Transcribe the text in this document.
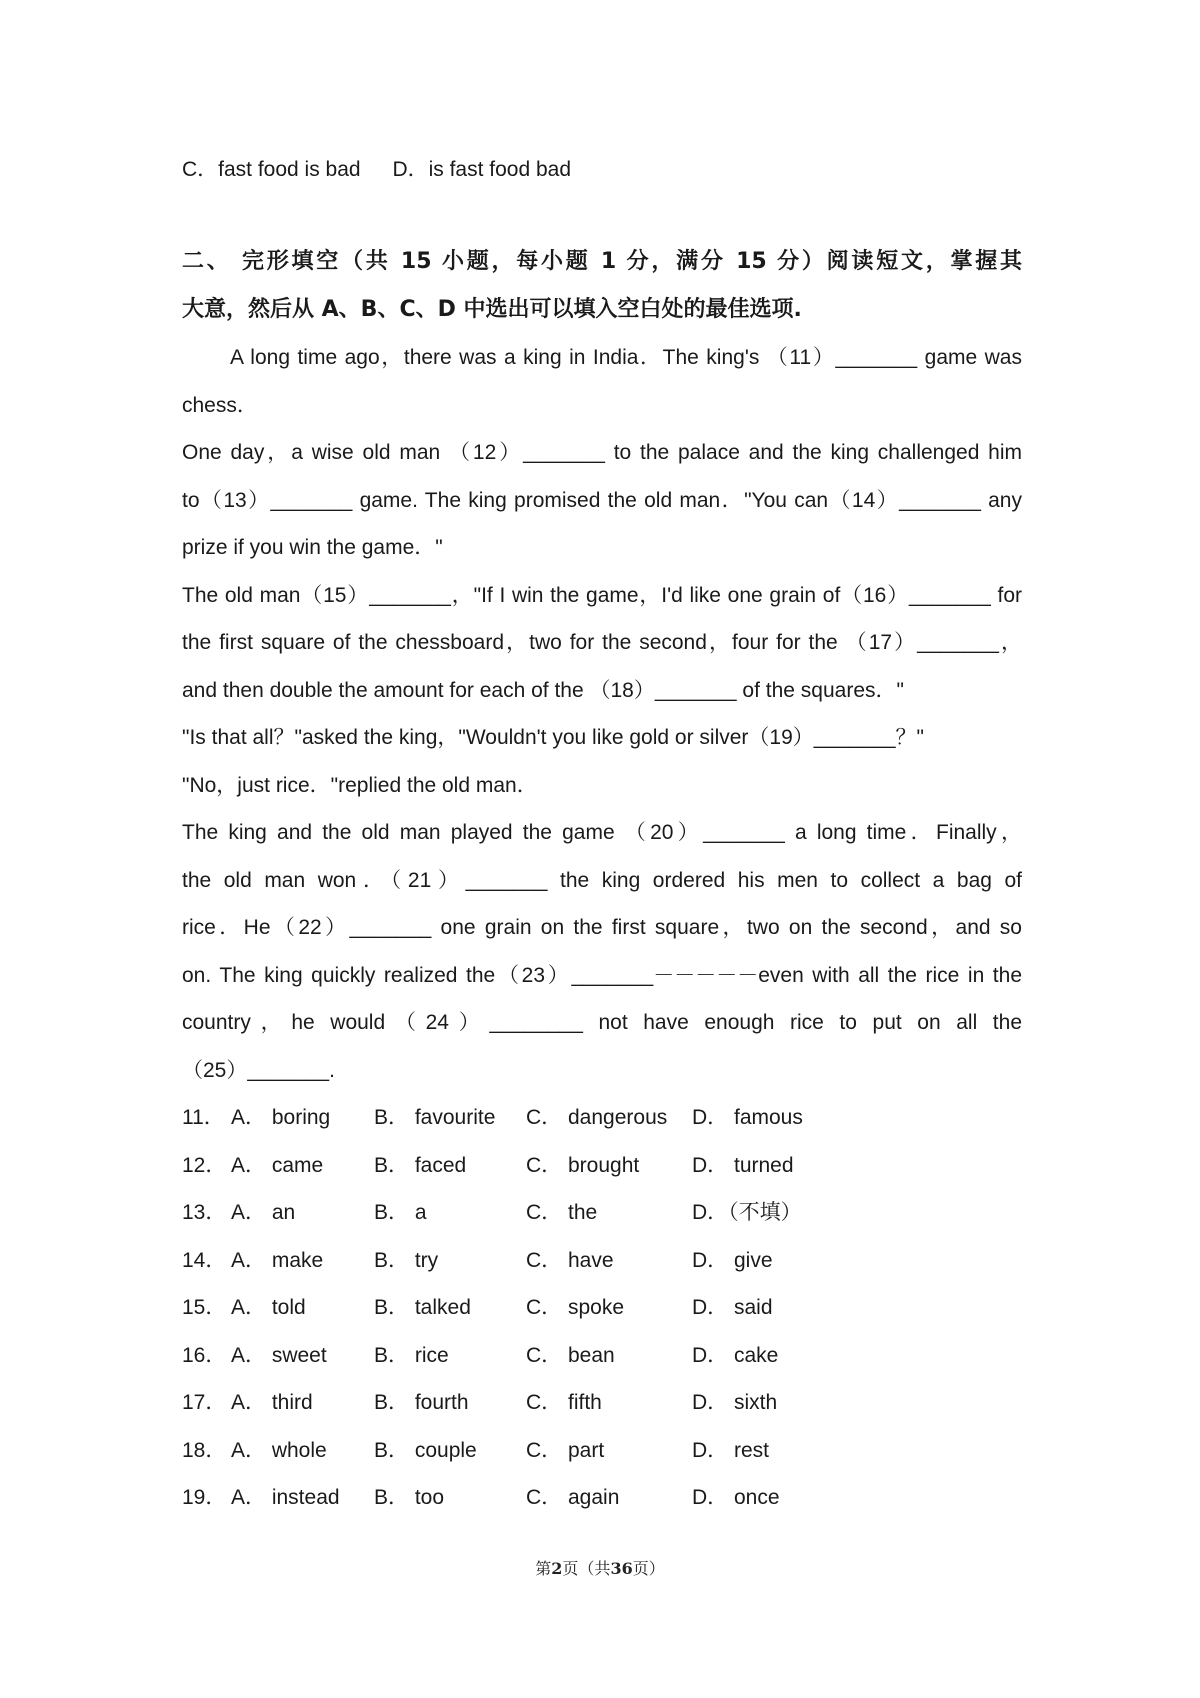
C．fast food is bad D．is fast food bad
二、 完形填空（共 15 小题，每小题 1 分，满分 15 分）阅读短文，掌握其
大意，然后从 A、B、C、D 中选出可以填入空白处的最佳选项.
A long time ago，there was a king in India．The king's （11）_______ game was
chess．
One day，a wise old man （12）_______ to the palace and the king challenged him
to（13）_______ game. The king promised the old man．"You can（14）_______ any
prize if you win the game．"
The old man（15）_______，"If I win the game，I'd like one grain of（16）_______ for
the first square of the chessboard，two for the second，four for the （17）_______，
and then double the amount for each of the （18）_______ of the squares．"
"Is that all？"asked the king，"Wouldn't you like gold or silver（19）_______？"
"No，just rice．"replied the old man．
The king and the old man played the game （20）_______ a long time．Finally，
the old man won．（21）_______ the king ordered his men to collect a bag of
rice．He（22）_______ one grain on the first square，two on the second，and so
on. The king quickly realized the（23）_______－－－－－even with all the rice in the
country，he would（24）________ not have enough rice to put on all the
（25）_______.
11． A． boring B． favourite C． dangerous D． famous
12． A． came B． faced	C． brought	D． turned
13． A． an	B． a	C． the	D．（不填）
14． A． make B． try	C． have	D． give
15． A． told	B． talked	C． spoke	D． said
16． A． sweet B． rice	C． bean	D． cake
17． A． third	B． fourth	C． fifth	D． sixth
18． A． whole B． couple C． part	D． rest
19． A． instead B． too	C． again	D． once
第2页（共36页）
